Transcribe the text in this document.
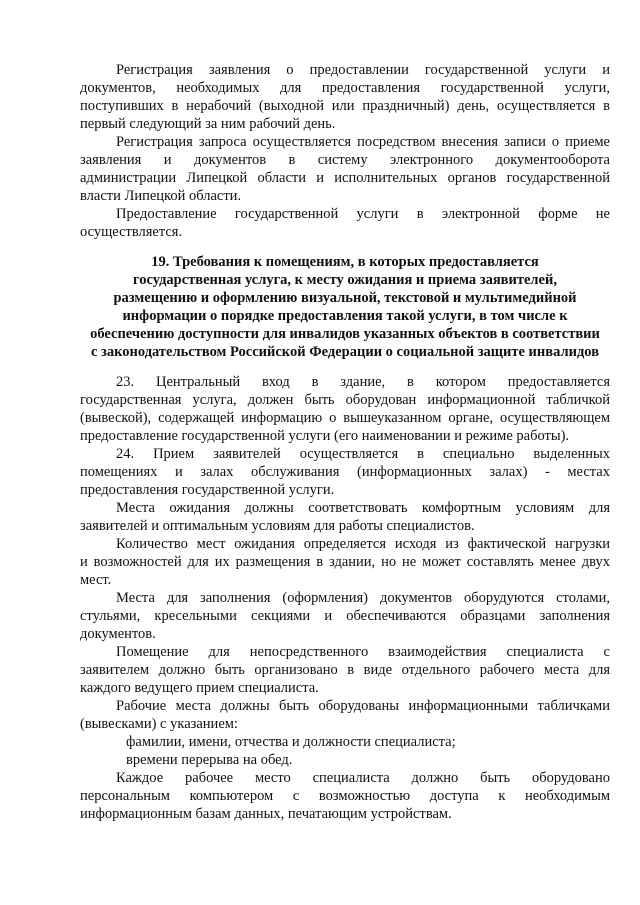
Регистрация заявления о предоставлении государственной услуги и

документов, необходимых для предоставления государственной услуги,

поступивших в нерабочий (выходной или праздничный) день, осуществляется в

первый следующий за ним рабочий день.

Регистрация запроса осуществляется посредством внесения записи о приеме

заявления и документов в систему электронного документооборота

администрации Липецкой области и исполнительных органов государственной

власти Липецкой области.

Предоставление государственной услуги в электронной форме не

осуществляется.

19. Требования к помещениям, в которых предоставляется

государственная услуга, к месту ожидания и приема заявителей,

размещению и оформлению визуальной, текстовой и мультимедийной

информации о порядке предоставления такой услуги, в том числе к

обеспечению доступности для инвалидов указанных объектов в соответствии

с законодательством Российской Федерации о социальной защите инвалидов

23. Центральный вход в здание, в котором предоставляется

государственная услуга, должен быть оборудован информационной табличкой

(вывеской), содержащей информацию о вышеуказанном органе, осуществляющем

предоставление государственной услуги (его наименовании и режиме работы).

24. Прием заявителей осуществляется в специально выделенных

помещениях и залах обслуживания (информационных залах) - местах

предоставления государственной услуги.

Места ожидания должны соответствовать комфортным условиям для

заявителей и оптимальным условиям для работы специалистов.

Количество мест ожидания определяется исходя из фактической нагрузки

и возможностей для их размещения в здании, но не может составлять менее двух

мест.

Места для заполнения (оформления) документов оборудуются столами,

стульями, кресельными секциями и обеспечиваются образцами заполнения

документов.

Помещение для непосредственного взаимодействия специалиста с

заявителем должно быть организовано в виде отдельного рабочего места для

каждого ведущего прием специалиста.

Рабочие места должны быть оборудованы информационными табличками

(вывесками) с указанием:

фамилии, имени, отчества и должности специалиста;

времени перерыва на обед.

Каждое рабочее место специалиста должно быть оборудовано

персональным компьютером с возможностью доступа к необходимым

информационным базам данных, печатающим устройствам.
